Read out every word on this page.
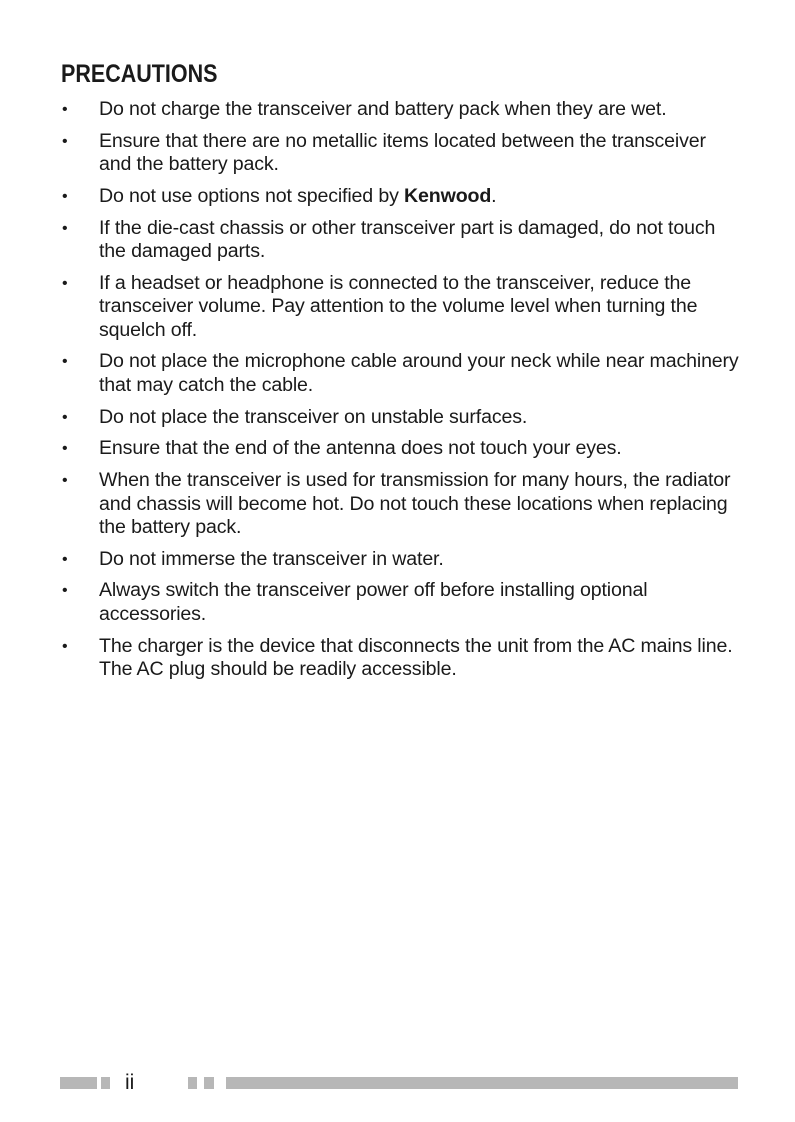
PRECAUTIONS
• Do not charge the transceiver and battery pack when they are wet.
• Ensure that there are no metallic items located between the transceiver and the battery pack.
• Do not use options not specified by Kenwood.
• If the die-cast chassis or other transceiver part is damaged, do not touch the damaged parts.
• If a headset or headphone is connected to the transceiver, reduce the transceiver volume. Pay attention to the volume level when turning the squelch off.
• Do not place the microphone cable around your neck while near machinery that may catch the cable.
• Do not place the transceiver on unstable surfaces.
• Ensure that the end of the antenna does not touch your eyes.
• When the transceiver is used for transmission for many hours, the radiator and chassis will become hot. Do not touch these locations when replacing the battery pack.
• Do not immerse the transceiver in water.
• Always switch the transceiver power off before installing optional accessories.
• The charger is the device that disconnects the unit from the AC mains line. The AC plug should be readily accessible.
ii
